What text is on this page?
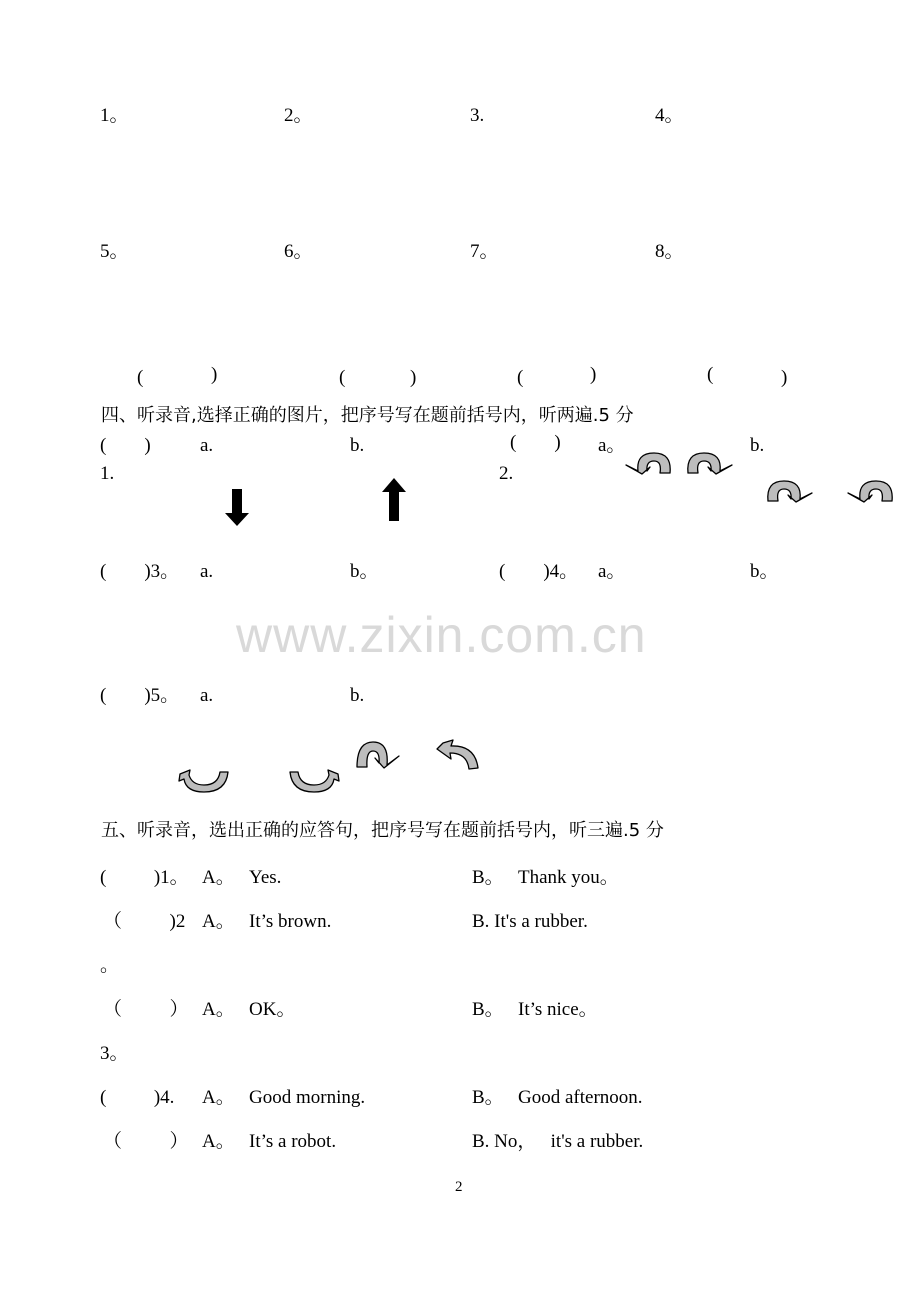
1。	2。	3.	4。
5。	6。	7。	8。
(	)	(	)	(	)	(	)
四、听录音,选择正确的图片，把序号写在题前括号内，听两遍.5 分
(        )	a.	b.
1.
(        ) a。	b.
2.
(        )3。 a.	b。	(        )4。 a。	b。
www.zixin.com.cn
(        )5。 a.	b.
五、听录音，选出正确的应答句，把序号写在题前括号内，听三遍.5 分
(          )1。 A。 Yes.	B。 Thank you。
（          )2 A。 It’s brown.	B. It's a rubber.
。
（          ） A。 OK。	B。 It’s nice。
3。
(          )4. A。 Good morning.	B。 Good afternoon.
（          ） A。 It’s a robot.	B. No，   it's a rubber.
2
